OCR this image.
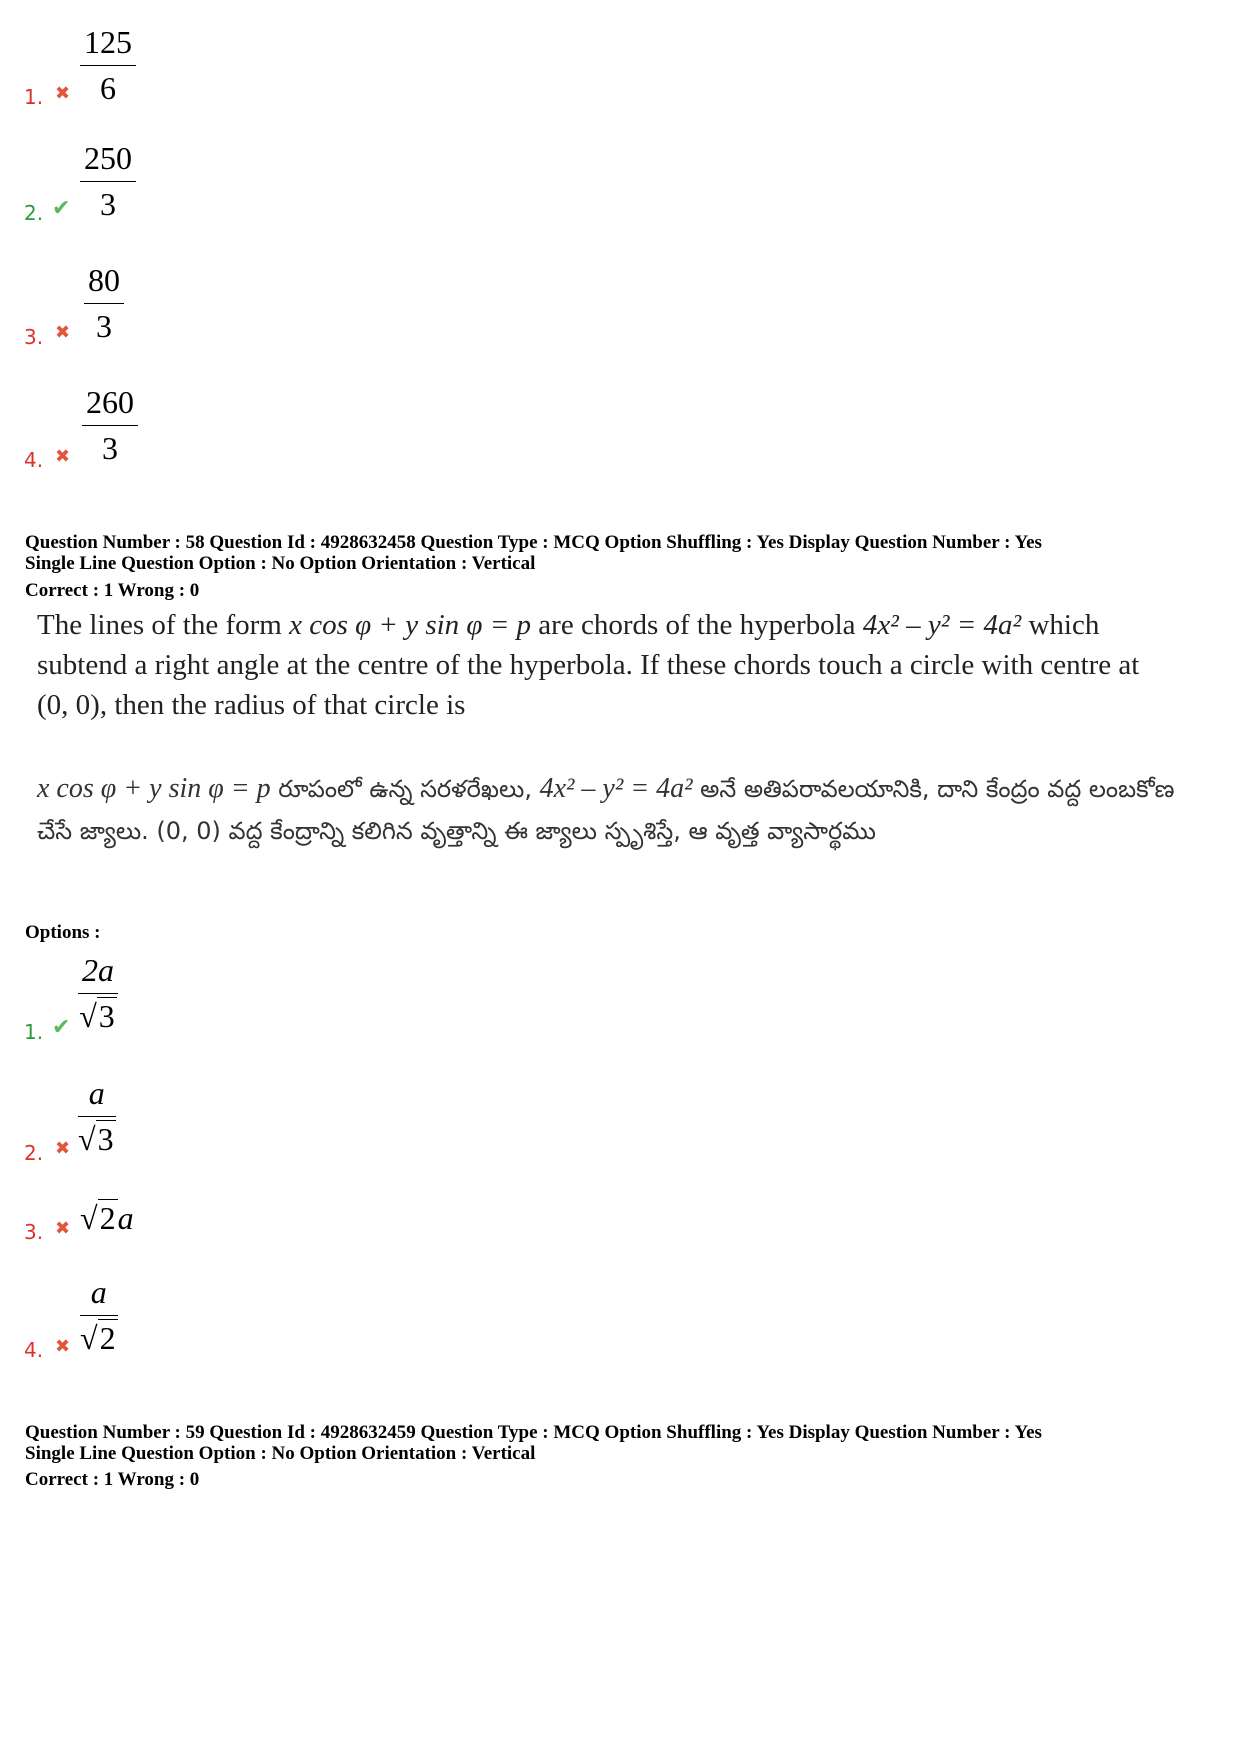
1. ✖ $\frac{125}{6}$
2. ✔ $\frac{250}{3}$
3. ✖ $\frac{80}{3}$
4. ✖ $\frac{260}{3}$
Question Number : 58 Question Id : 4928632458 Question Type : MCQ Option Shuffling : Yes Display Question Number : Yes
Single Line Question Option : No Option Orientation : Vertical
Correct : 1 Wrong : 0
The lines of the form x cos φ + y sin φ = p are chords of the hyperbola 4x² – y² = 4a² which subtend a right angle at the centre of the hyperbola. If these chords touch a circle with centre at (0, 0), then the radius of that circle is
x cos φ + y sin φ = p రూపంలో ఉన్న సరళరేఖలు, 4x² – y² = 4a² అనే అతిపరావలయానికి, దాని కేంద్రం వద్ద లంబకోణ చేసే జ్యాలు. (0, 0) వద్ద కేంద్రాన్ని కలిగిన వృత్తాన్ని ఈ జ్యాలు స్పృశిస్తే, ఆ వృత్త వ్యాసార్థము
Options :
1. ✔ $\frac{2a}{√3}$
2. ✖ $\frac{a}{√3}$
3. ✖ √2a
4. ✖ $\frac{a}{√2}$
Question Number : 59 Question Id : 4928632459 Question Type : MCQ Option Shuffling : Yes Display Question Number : Yes
Single Line Question Option : No Option Orientation : Vertical
Correct : 1 Wrong : 0
